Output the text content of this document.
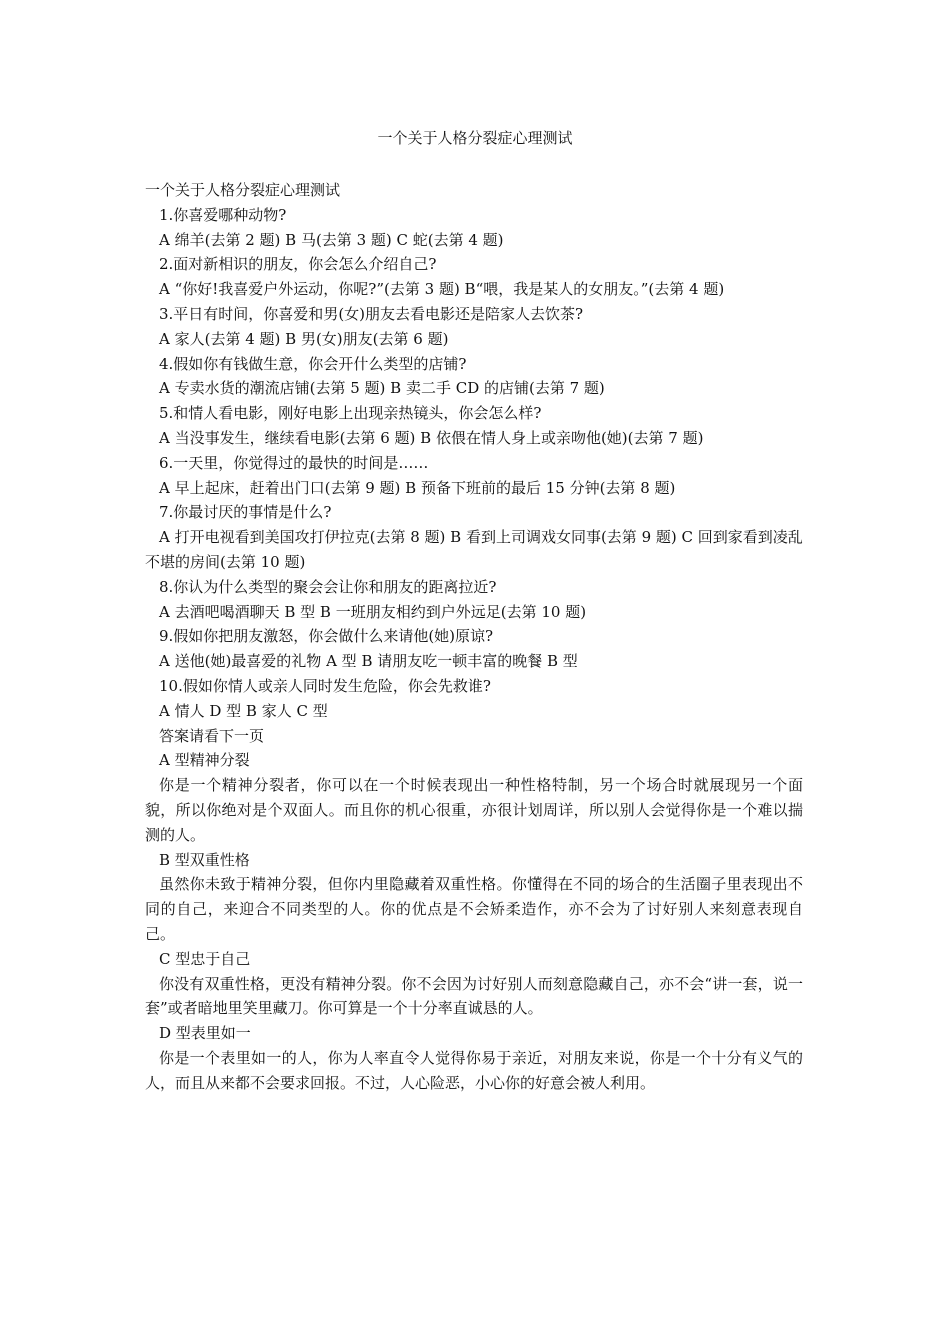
一个关于人格分裂症心理测试
一个关于人格分裂症心理测试
1.你喜爱哪种动物?
A 绵羊(去第 2 题) B 马(去第 3 题) C 蛇(去第 4 题)
2.面对新相识的朋友，你会怎么介绍自己?
A “你好!我喜爱户外运动，你呢?”(去第 3 题) B“喂，我是某人的女朋友。”(去第 4 题)
3.平日有时间，你喜爱和男(女)朋友去看电影还是陪家人去饮茶?
A 家人(去第 4 题) B 男(女)朋友(去第 6 题)
4.假如你有钱做生意，你会开什么类型的店铺?
A 专卖水货的潮流店铺(去第 5 题) B 卖二手 CD 的店铺(去第 7 题)
5.和情人看电影，刚好电影上出现亲热镜头，你会怎么样?
A 当没事发生，继续看电影(去第 6 题) B 依偎在情人身上或亲吻他(她)(去第 7 题)
6.一天里，你觉得过的最快的时间是……
A 早上起床，赶着出门口(去第 9 题) B 预备下班前的最后 15 分钟(去第 8 题)
7.你最讨厌的事情是什么?
A 打开电视看到美国攻打伊拉克(去第 8 题) B 看到上司调戏女同事(去第 9 题) C 回到家看到凌乱不堪的房间(去第 10 题)
8.你认为什么类型的聚会会让你和朋友的距离拉近?
A 去酒吧喝酒聊天 B 型 B 一班朋友相约到户外远足(去第 10 题)
9.假如你把朋友激怒，你会做什么来请他(她)原谅?
A 送他(她)最喜爱的礼物 A 型 B 请朋友吃一顿丰富的晚餐 B 型
10.假如你情人或亲人同时发生危险，你会先救谁?
A 情人 D 型 B 家人 C 型
答案请看下一页
A 型精神分裂
你是一个精神分裂者，你可以在一个时候表现出一种性格特制，另一个场合时就展现另一个面貌，所以你绝对是个双面人。而且你的机心很重，亦很计划周详，所以别人会觉得你是一个难以揣测的人。
B 型双重性格
虽然你未致于精神分裂，但你内里隐藏着双重性格。你懂得在不同的场合的生活圈子里表现出不同的自己，来迎合不同类型的人。你的优点是不会矫柔造作，亦不会为了讨好别人来刻意表现自己。
C 型忠于自己
你没有双重性格，更没有精神分裂。你不会因为讨好别人而刻意隐藏自己，亦不会“讲一套，说一套”或者暗地里笑里藏刀。你可算是一个十分率直诚恳的人。
D 型表里如一
你是一个表里如一的人，你为人率直令人觉得你易于亲近，对朋友来说，你是一个十分有义气的人，而且从来都不会要求回报。不过，人心险恶，小心你的好意会被人利用。
